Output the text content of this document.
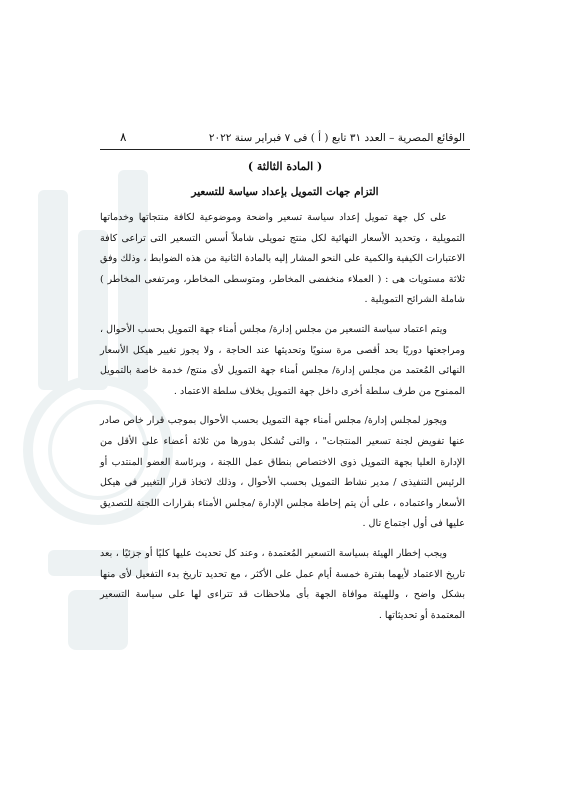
الوقائع المصرية – العدد ٣١ تابع ( أ ) فى ٧ فبراير سنة ٢٠٢٢
٨
( المادة الثالثة )
التزام جهات التمويل بإعداد سياسة للتسعير

على كل جهة تمويل إعداد سياسة تسعير واضحة وموضوعية لكافة منتجاتها وخدماتها التمويلية ، وتحديد الأسعار النهائية لكل منتج تمويلى شاملاً أسس التسعير التى تراعى كافة الاعتبارات الكيفية والكمية على النحو المشار إليه بالمادة الثانية من هذه الضوابط ، وذلك وفق ثلاثة مستويات هى : ( العملاء منخفضى المخاطر، ومتوسطى المخاطر، ومرتفعى المخاطر ) شاملة الشرائح التمويلية .

ويتم اعتماد سياسة التسعير من مجلس إدارة/ مجلس أمناء جهة التمويل بحسب الأحوال ، ومراجعتها دوريًا بحد أقصى مرة سنويًا وتحديثها عند الحاجة ، ولا يجوز تغيير هيكل الأسعار النهائى المُعتمد من مجلس إدارة/ مجلس أمناء جهة التمويل لأى منتج/ خدمة خاصة بالتمويل الممنوح من طرف سلطة أخرى داخل جهة التمويل بخلاف سلطة الاعتماد .

ويجوز لمجلس إدارة/ مجلس أمناء جهة التمويل بحسب الأحوال بموجب قرار خاص صادر عنها تفويض لجنة تسعير المنتجات" ، والتى تُشكل بدورها من ثلاثة أعضاء على الأقل من الإدارة العليا بجهة التمويل ذوى الاختصاص بنطاق عمل اللجنة ، وبرئاسة العضو المنتدب أو الرئيس التنفيذى / مدير نشاط التمويل بحسب الأحوال ، وذلك لاتخاذ قرار التغيير فى هيكل الأسعار واعتماده ، على أن يتم إحاطة مجلس الإدارة /مجلس الأمناء بقرارات اللجنة للتصديق عليها فى أول اجتماع تال .

ويجب إخطار الهيئة بسياسة التسعير المُعتمدة ، وعند كل تحديث عليها كليًا أو جزئيًا ، بعد تاريخ الاعتماد لأيهما بفترة خمسة أيام عمل على الأكثر ، مع تحديد تاريخ بدء التفعيل لأى منها بشكل واضح ، وللهيئة موافاة الجهة بأى ملاحظات قد تتراءى لها على سياسة التسعير المعتمدة أو تحديثاتها .
